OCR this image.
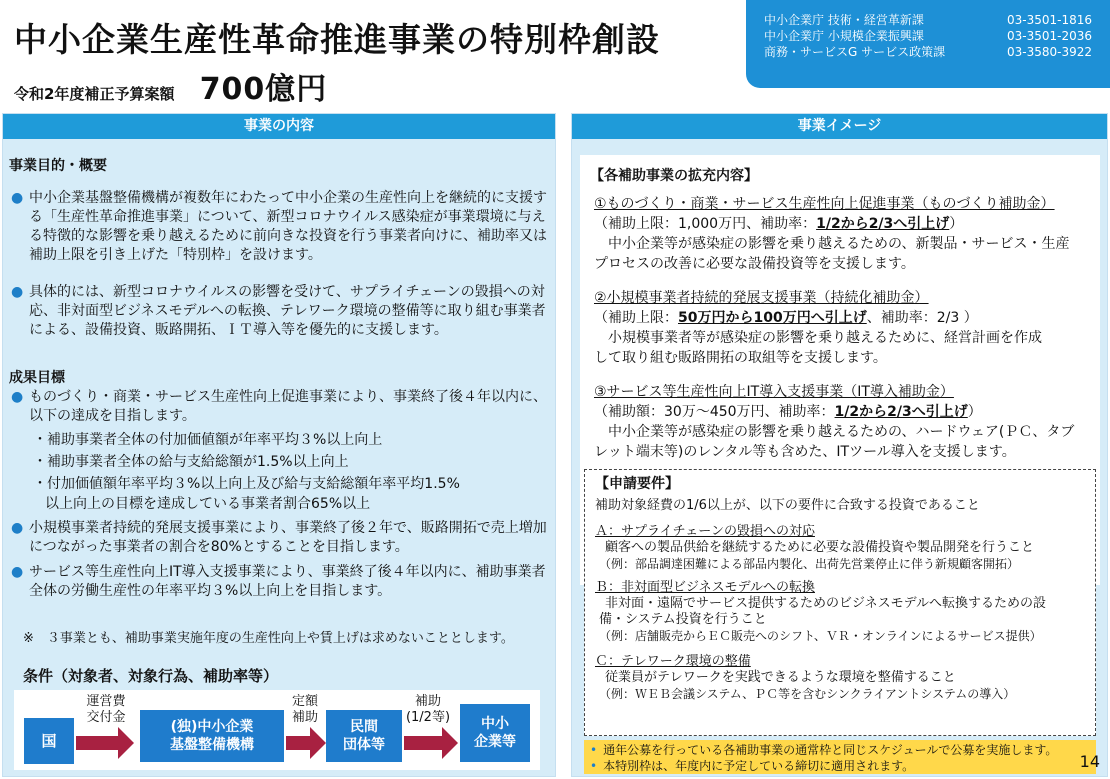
中小企業生産性革命推進事業の特別枠創設
令和2年度補正予算案額 700億円
中小企業庁 技術・経営革新課	03-3501-1816
中小企業庁 小規模企業振興課	03-3501-2036
商務・サービスG サービス政策課	03-3580-3922
事業の内容
事業目的・概要
● 中小企業基盤整備機構が複数年にわたって中小企業の生産性向上を継続的に支援する「生産性革命推進事業」について、新型コロナウイルス感染症が事業環境に与える特徴的な影響を乗り越えるために前向きな投資を行う事業者向けに、補助率又は補助上限を引き上げた「特別枠」を設けます。
● 具体的には、新型コロナウイルスの影響を受けて、サプライチェーンの毀損への対応、非対面型ビジネスモデルへの転換、テレワーク環境の整備等に取り組む事業者による、設備投資、販路開拓、ＩＴ導入等を優先的に支援します。
成果目標
● ものづくり・商業・サービス生産性向上促進事業により、事業終了後４年以内に、以下の達成を目指します。
・補助事業者全体の付加価値額が年率平均３%以上向上
・補助事業者全体の給与支給総額が1.5%以上向上
・付加価値額年率平均３%以上向上及び給与支給総額年率平均1.5%
以上向上の目標を達成している事業者割合65%以上
● 小規模事業者持続的発展支援事業により、事業終了後２年で、販路開拓で売上増加につながった事業者の割合を80%とすることを目指します。
● サービス等生産性向上IT導入支援事業により、事業終了後４年以内に、補助事業者全体の労働生産性の年率平均３%以上向上を目指します。
※　３事業とも、補助事業実施年度の生産性向上や賃上げは求めないこととします。
条件（対象者、対象行為、補助率等）
国
運営費
交付金
(独)中小企業
基盤整備機構
定額
補助
民間
団体等
補助
(1/2等)	中小
企業等
事業イメージ
【各補助事業の拡充内容】
①ものづくり・商業・サービス生産性向上促進事業（ものづくり補助金）
（補助上限：1,000万円、補助率：1/2から2/3へ引上げ）
　中小企業等が感染症の影響を乗り越えるための、新製品・サービス・生産
プロセスの改善に必要な設備投資等を支援します。
②小規模事業者持続的発展支援事業（持続化補助金）
（補助上限：50万円から100万円へ引上げ、補助率：2/3 ）
　小規模事業者等が感染症の影響を乗り越えるために、経営計画を作成
して取り組む販路開拓の取組等を支援します。
③サービス等生産性向上IT導入支援事業（IT導入補助金）
（補助額：30万～450万円、補助率：1/2から2/3へ引上げ）
　中小企業等が感染症の影響を乗り越えるための、ハードウェア(ＰＣ、タブ
レット端末等)のレンタル等も含めた、ITツール導入を支援します。
【申請要件】
補助対象経費の1/6以上が、以下の要件に合致する投資であること
Ａ：サプライチェーンの毀損への対応
顧客への製品供給を継続するために必要な設備投資や製品開発を行うこと
（例：部品調達困難による部品内製化、出荷先営業停止に伴う新規顧客開拓）
Ｂ：非対面型ビジネスモデルへの転換
非対面・遠隔でサービス提供するためのビジネスモデルへ転換するための設
備・システム投資を行うこと
（例：店舗販売からＥＣ販売へのシフト、ＶＲ・オンラインによるサービス提供）
Ｃ：テレワーク環境の整備
従業員がテレワークを実践できるような環境を整備すること
（例：ＷＥＢ会議システム、ＰＣ等を含むシンクライアントシステムの導入）
• 通年公募を行っている各補助事業の通常枠と同じスケジュールで公募を実施します。
• 本特別枠は、年度内に予定している締切に適用されます。	14
